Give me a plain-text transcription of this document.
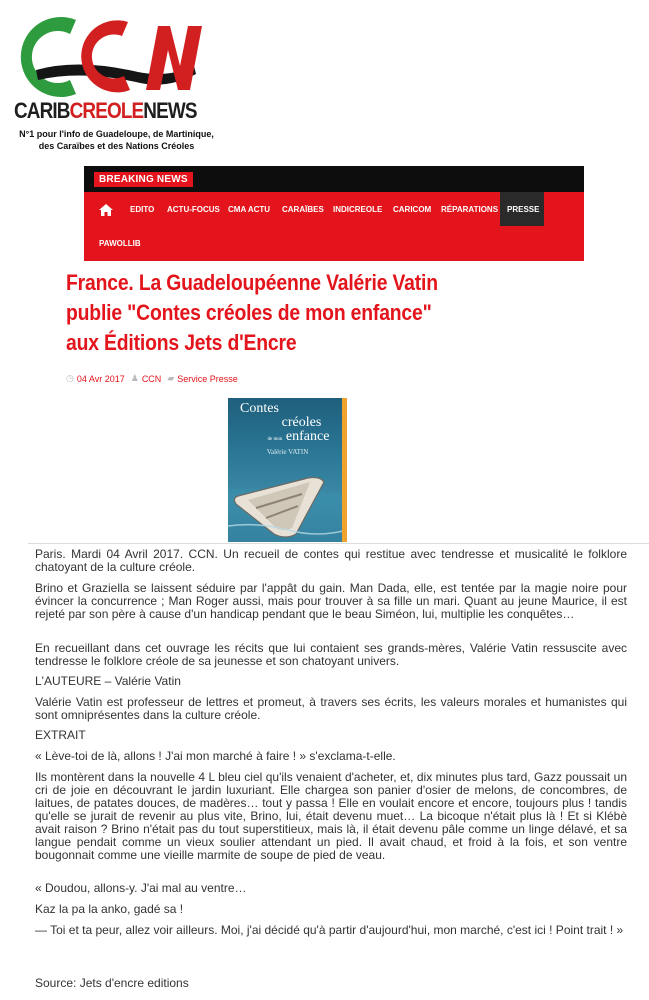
CARIBCREOLENEWS
N°1 pour l'info de Guadeloupe, de Martinique,
des Caraïbes et des Nations Créoles
BREAKING NEWS
EDITO ACTU-FOCUS CMA ACTU CARAÏBES INDICREOLE CARICOM RÉPARATIONS PRESSE
PAWOLLIB
France. La Guadeloupéenne Valérie Vatin
publie "Contes créoles de mon enfance"
aux Éditions Jets d'Encre
◷ 04 Avr 2017 ♟ CCN ▰ Service Presse
Contes
créoles
de mon enfance
Valérie VATIN

Paris. Mardi 04 Avril 2017. CCN. Un recueil de contes qui restitue avec tendresse et musicalité le folklore chatoyant de la culture créole.

Brino et Graziella se laissent séduire par l'appât du gain. Man Dada, elle, est tentée par la magie noire pour évincer la concurrence ; Man Roger aussi, mais pour trouver à sa fille un mari. Quant au jeune Maurice, il est rejeté par son père à cause d'un handicap pendant que le beau Siméon, lui, multiplie les conquêtes…

En recueillant dans cet ouvrage les récits que lui contaient ses grands-mères, Valérie Vatin ressuscite avec tendresse le folklore créole de sa jeunesse et son chatoyant univers.

L'AUTEURE – Valérie Vatin

Valérie Vatin est professeur de lettres et promeut, à travers ses écrits, les valeurs morales et humanistes qui sont omniprésentes dans la culture créole.

EXTRAIT

« Lève-toi de là, allons ! J'ai mon marché à faire ! » s'exclama-t-elle.

Ils montèrent dans la nouvelle 4 L bleu ciel qu'ils venaient d'acheter, et, dix minutes plus tard, Gazz poussait un cri de joie en découvrant le jardin luxuriant. Elle chargea son panier d'osier de melons, de concombres, de laitues, de patates douces, de madères… tout y passa ! Elle en voulait encore et encore, toujours plus ! tandis qu'elle se jurait de revenir au plus vite, Brino, lui, était devenu muet… La bicoque n'était plus là ! Et si Klébè avait raison ? Brino n'était pas du tout superstitieux, mais là, il était devenu pâle comme un linge délavé, et sa langue pendait comme un vieux soulier attendant un pied. Il avait chaud, et froid à la fois, et son ventre bougonnait comme une vieille marmite de soupe de pied de veau.

« Doudou, allons-y. J'ai mal au ventre…

Kaz la pa la anko, gadé sa !

— Toi et ta peur, allez voir ailleurs. Moi, j'ai décidé qu'à partir d'aujourd'hui, mon marché, c'est ici ! Point trait ! »

Source: Jets d'encre editions
